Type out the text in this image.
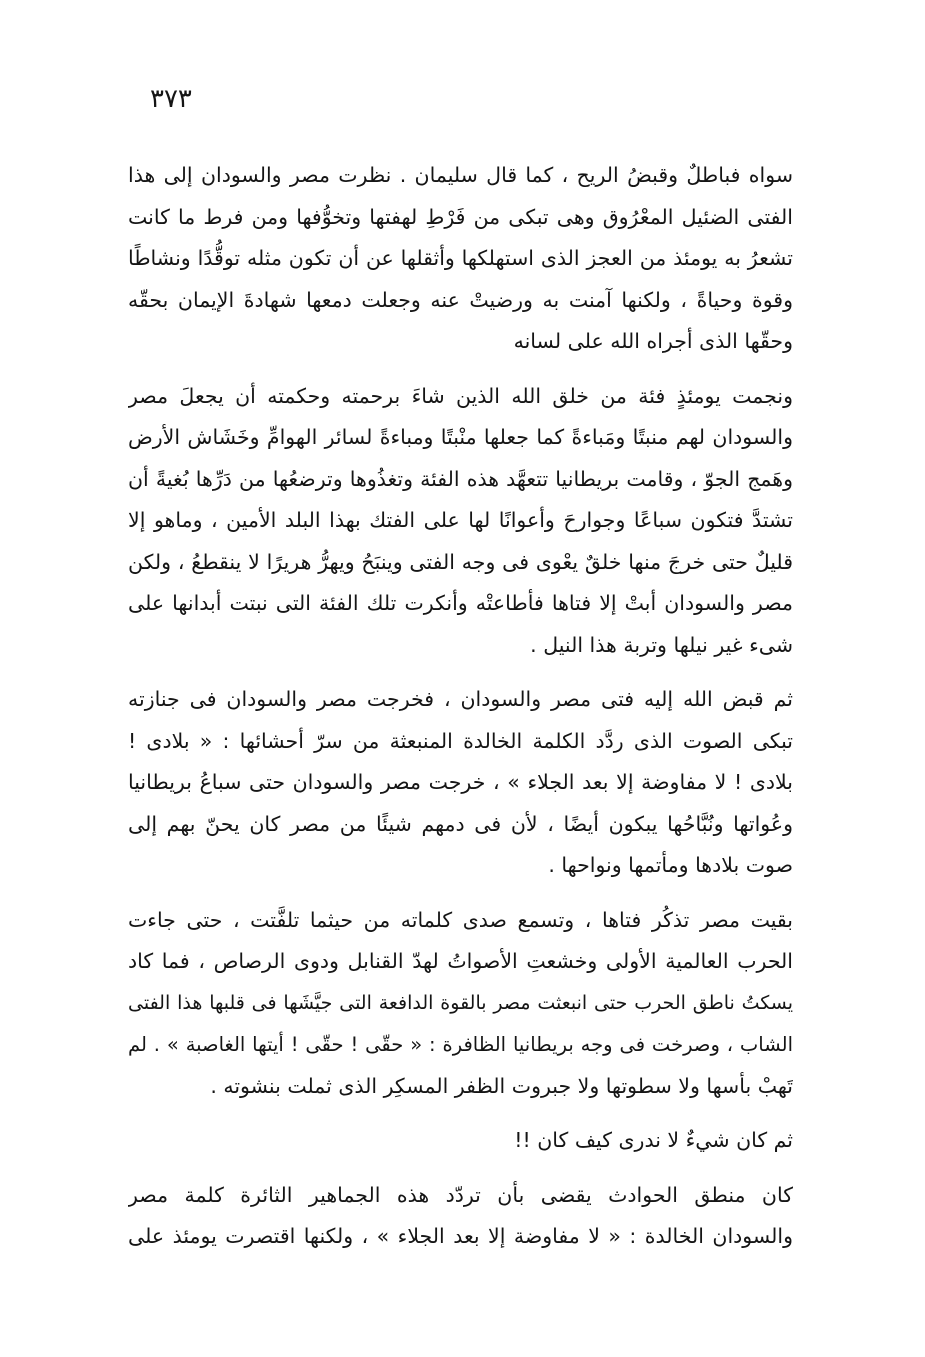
٣٧٣
سواه فباطلٌ وقبضُ الريح ، كما قال سليمان . نظرت مصر والسودان إلى هذا
الفتى الضئيل المعْرُوق وهى تبكى من فَرْطِ لهفتها وتخوُّفها ومن فرط ما كانت
تشعرُ به يومئذ من العجز الذى استهلكها وأثقلها عن أن تكون مثله توقُّدًا ونشاطًا
وقوة وحياةً ، ولكنها آمنت به ورضيتْ عنه وجعلت دمعها شهادةَ الإيمان بحقّه
وحقّها الذى أجراه الله على لسانه
ونجمت يومئذٍ فئة من خلق الله الذين شاءَ برحمته وحكمته أن يجعلَ مصر
والسودان لهم منبتًا ومَباءةً كما جعلها منْبتًا ومباءةً لسائر الهوامِّ وخَشَاش الأرض
وهَمج الجوّ ، وقامت بريطانيا تتعهَّد هذه الفئة وتغذُوها وترضعُها من دَرِّها بُغيةً أن
تشتدَّ فتكون سباعًا وجوارحَ وأعوانًا لها على الفتك بهذا البلد الأمين ، وماهو إلا
قليلٌ حتى خرجَ منها خلقٌ يعْوى فى وجه الفتى وينبَحُ ويهرُّ هريرًا لا ينقطعُ ، ولكن
مصر والسودان أبتْ إلا فتاها فأطاعتْه وأنكرت تلك الفئة التى نبتت أبدانها على
شىء غير نيلها وتربة هذا النيل .
ثم قبض الله إليه فتى مصر والسودان ، فخرجت مصر والسودان فى جنازته
تبكى الصوت الذى ردَّد الكلمة الخالدة المنبعثة من سرّ أحشائها : « بلادى !
بلادى ! لا مفاوضة إلا بعد الجلاء » ، خرجت مصر والسودان حتى سباعُ بريطانيا
وعُواتها ونُبَّاحُها يبكون أيضًا ، لأن فى دمهم شيئًا من مصر كان يحنّ بهم إلى
صوت بلادها ومأتمها ونواحها .
بقيت مصر تذكُر فتاها ، وتسمع صدى كلماته من حيثما تلفَّتت ، حتى جاءت
الحرب العالمية الأولى وخشعتِ الأصواتُ لهدّ القنابل ودوى الرصاص ، فما كاد
يسكتُ ناطق الحرب حتى انبعثت مصر بالقوة الدافعة التى جيَّشَها فى قلبها هذا الفتى
الشاب ، وصرخت فى وجه بريطانيا الظافرة : « حقّى ! حقّى ! أيتها الغاصبة » . لم
تَهبْ بأسها ولا سطوتها ولا جبروت الظفر المسكِر الذى ثملت بنشوته .
ثم كان شيءٌ لا ندرى كيف كان !!
كان منطق الحوادث يقضى بأن تردّد هذه الجماهير الثائرة كلمة مصر
والسودان الخالدة : « لا مفاوضة إلا بعد الجلاء » ، ولكنها اقتصرت يومئذ على
